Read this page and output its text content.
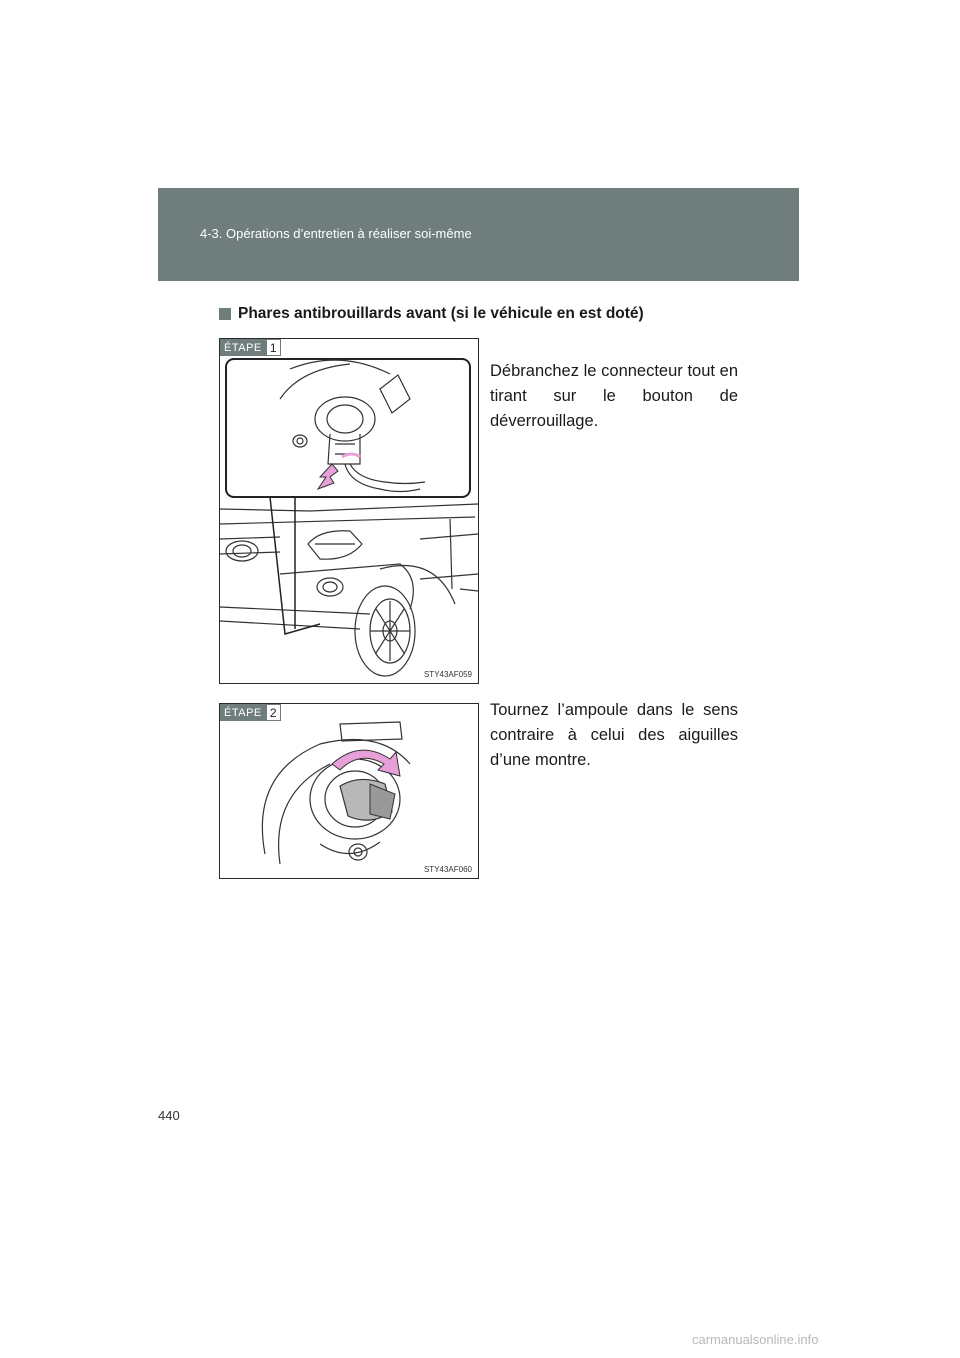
4-3. Opérations d’entretien à réaliser soi-même
Phares antibrouillards avant (si le véhicule en est doté)
ÉTAPE 1
STY43AF059
Débranchez le connecteur tout en tirant sur le bouton de déverrouillage.
ÉTAPE 2
STY43AF060
Tournez l’ampoule dans le sens contraire à celui des aiguilles d’une montre.
440
carmanualsonline.info
